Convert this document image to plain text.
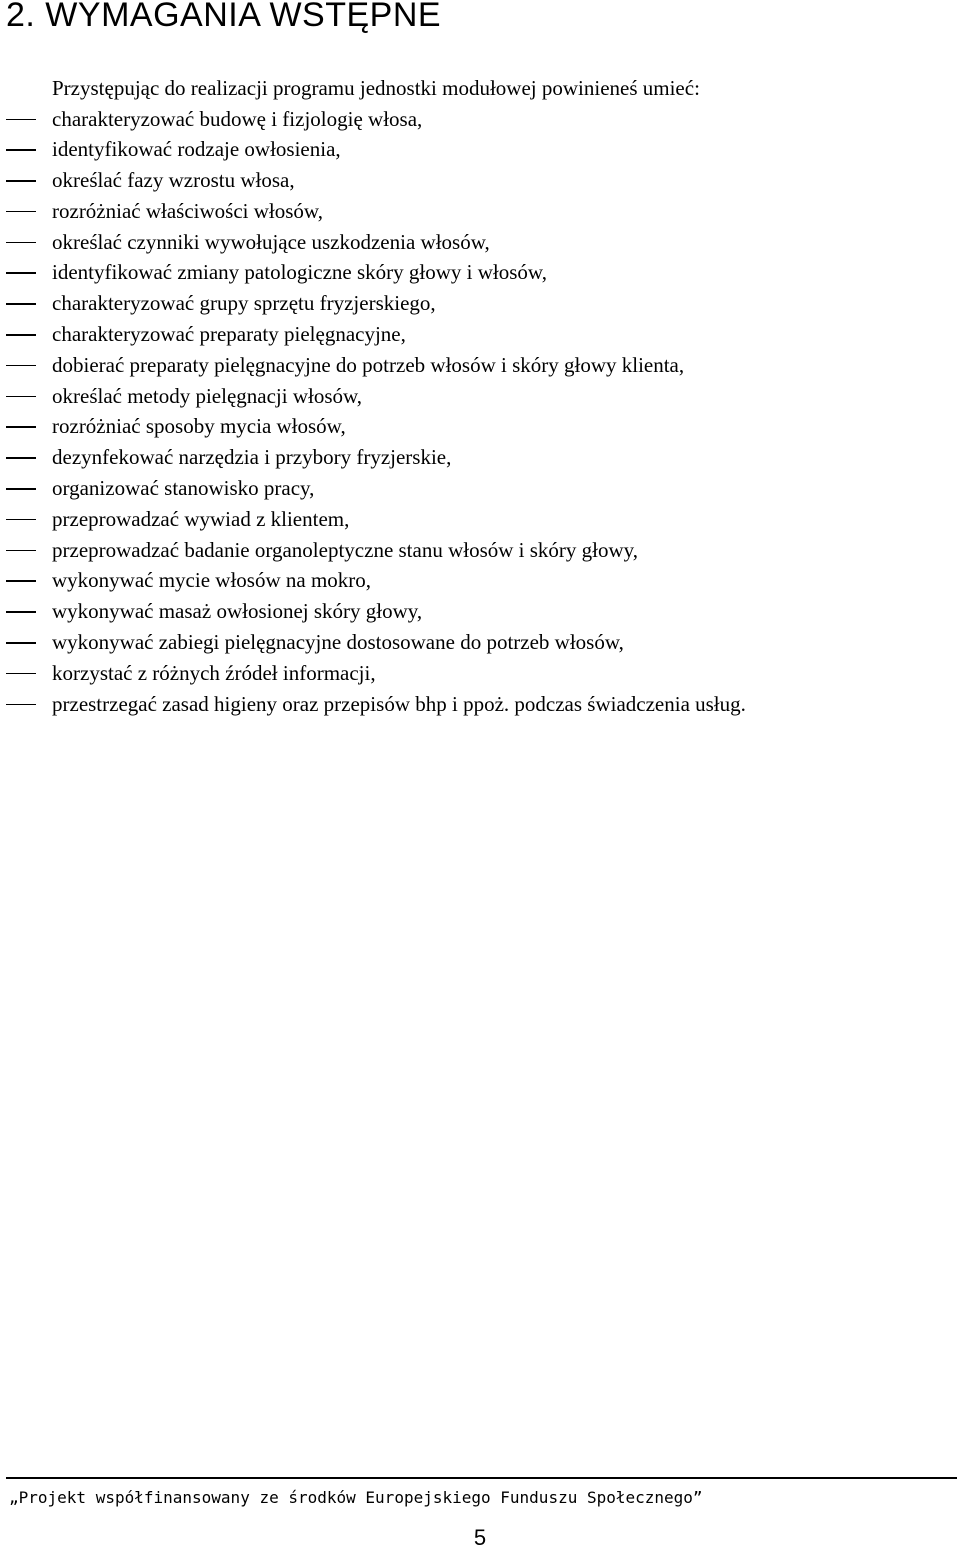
2. WYMAGANIA WSTĘPNE
Przystępując do realizacji programu jednostki modułowej powinieneś umieć:
charakteryzować budowę i fizjologię włosa,
identyfikować rodzaje owłosienia,
określać fazy wzrostu włosa,
rozróżniać właściwości włosów,
określać czynniki wywołujące uszkodzenia włosów,
identyfikować zmiany patologiczne skóry głowy i włosów,
charakteryzować grupy sprzętu fryzjerskiego,
charakteryzować preparaty pielęgnacyjne,
dobierać preparaty pielęgnacyjne do potrzeb włosów i skóry głowy klienta,
określać metody pielęgnacji włosów,
rozróżniać sposoby mycia włosów,
dezynfekować narzędzia i przybory fryzjerskie,
organizować stanowisko pracy,
przeprowadzać wywiad z klientem,
przeprowadzać badanie organoleptyczne stanu włosów i skóry głowy,
wykonywać mycie włosów na mokro,
wykonywać masaż owłosionej skóry głowy,
wykonywać zabiegi pielęgnacyjne dostosowane do potrzeb włosów,
korzystać z różnych źródeł informacji,
przestrzegać zasad higieny oraz przepisów bhp i ppoż. podczas świadczenia usług.
„Projekt współfinansowany ze środków Europejskiego Funduszu Społecznego”
5
